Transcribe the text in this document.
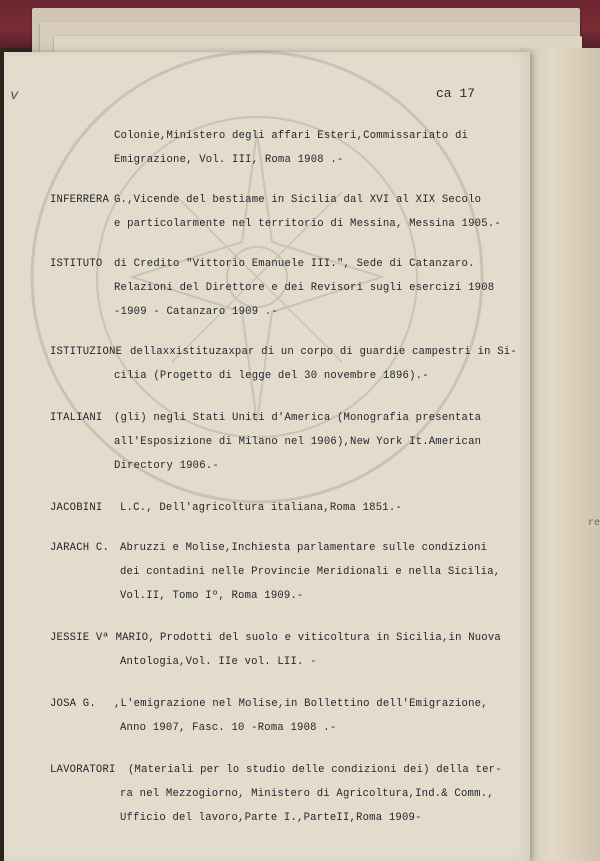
re
v	ca 17
Colonie,Ministero degli affari Esteri,Commissariato di
Emigrazione, Vol. III, Roma 1908 .-
INFERRERA G.,Vicende del bestiame in Sicilia dal XVI al XIX Secolo
e particolarmente nel territorio di Messina, Messina 1905.-
ISTITUTO di Credito "Vittorio Emanuele III.", Sede di Catanzaro.
Relazioni del Direttore e dei Revisori sugli esercizi 1908
-1909 - Catanzaro 1909 .-
ISTITUZIONE dellaxxistituzaxpar di un corpo di guardie campestri in Si-
cilia (Progetto di legge del 30 novembre 1896).-
ITALIANI (gli) negli Stati Uniti d'America (Monografia presentata
all'Esposizione di Milano nel 1906),New York It.American
Directory 1906.-
JACOBINI L.C., Dell'agricoltura italiana,Roma 1851.-
JARACH C. Abruzzi e Molise,Inchiesta parlamentare sulle condizioni
dei contadini nelle Provincie Meridionali e nella Sicilia,
Vol.II, Tomo Iº, Roma 1909.-
JESSIE Vª MARIO, Prodotti del suolo e viticoltura in Sicilia,in Nuova
Antologia,Vol. IIe vol. LII. -
JOSA G. ,L'emigrazione nel Molise,in Bollettino dell'Emigrazione,
Anno 1907, Fasc. 10 -Roma 1908 .-
LAVORATORI (Materiali per lo studio delle condizioni dei) della ter-
ra nel Mezzogiorno, Ministero di Agricoltura,Ind.& Comm.,
Ufficio del lavoro,Parte I.,ParteII,Roma 1909-
